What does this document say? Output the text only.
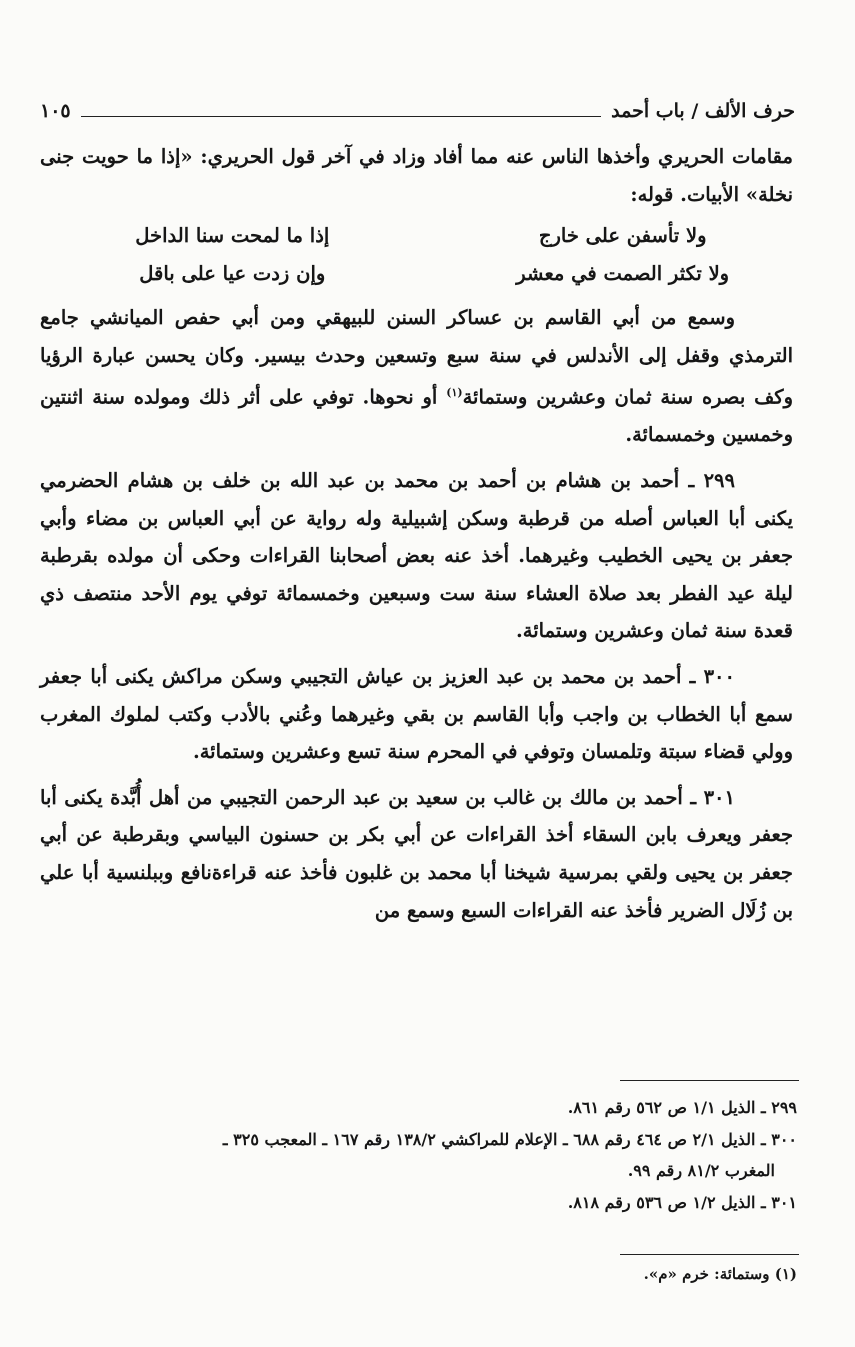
حرف الألف / باب أحمد
١٠٥

مقامات الحريري وأخذها الناس عنه مما أفاد وزاد في آخر قول الحريري: «إذا ما حويت جنى نخلة» الأبيات. قوله:

ولا تأسفن على خارج
إذا ما لمحت سنا الداخل
ولا تكثر الصمت في معشر
وإن زدت عيا على باقل

وسمع من أبي القاسم بن عساكر السنن للبيهقي ومن أبي حفص الميانشي جامع الترمذي وقفل إلى الأندلس في سنة سبع وتسعين وحدث بيسير. وكان يحسن عبارة الرؤيا وكف بصره سنة ثمان وعشرين وستمائة$^{(١)}$ أو نحوها. توفي على أثر ذلك ومولده سنة اثنتين وخمسين وخمسمائة.

٢٩٩ ـ أحمد بن هشام بن أحمد بن محمد بن عبد الله بن خلف بن هشام الحضرمي يكنى أبا العباس أصله من قرطبة وسكن إشبيلية وله رواية عن أبي العباس بن مضاء وأبي جعفر بن يحيى الخطيب وغيرهما. أخذ عنه بعض أصحابنا القراءات وحكى أن مولده بقرطبة ليلة عيد الفطر بعد صلاة العشاء سنة ست وسبعين وخمسمائة توفي يوم الأحد منتصف ذي قعدة سنة ثمان وعشرين وستمائة.

٣٠٠ ـ أحمد بن محمد بن عبد العزيز بن عياش التجيبي وسكن مراكش يكنى أبا جعفر سمع أبا الخطاب بن واجب وأبا القاسم بن بقي وغيرهما وعُني بالأدب وكتب لملوك المغرب وولي قضاء سبتة وتلمسان وتوفي في المحرم سنة تسع وعشرين وستمائة.

٣٠١ ـ أحمد بن مالك بن غالب بن سعيد بن عبد الرحمن التجيبي من أهل أُبَّدة يكنى أبا جعفر ويعرف بابن السقاء أخذ القراءات عن أبي بكر بن حسنون البياسي وبقرطبة عن أبي جعفر بن يحيى ولقي بمرسية شيخنا أبا محمد بن غلبون فأخذ عنه قراءةنافع وببلنسية أبا علي بن زُلَال الضرير فأخذ عنه القراءات السبع وسمع من

٢٩٩ ـ الذيل ١/١ ص ٥٦٢ رقم ٨٦١.

٣٠٠ ـ الذيل ٢/١ ص ٤٦٤ رقم ٦٨٨ ـ الإعلام للمراكشي ١٣٨/٢ رقم ١٦٧ ـ المعجب ٣٢٥ ـ

المغرب ٨١/٢ رقم ٩٩.

٣٠١ ـ الذيل ١/٢ ص ٥٣٦ رقم ٨١٨.

(١) وستمائة: خرم «م».
